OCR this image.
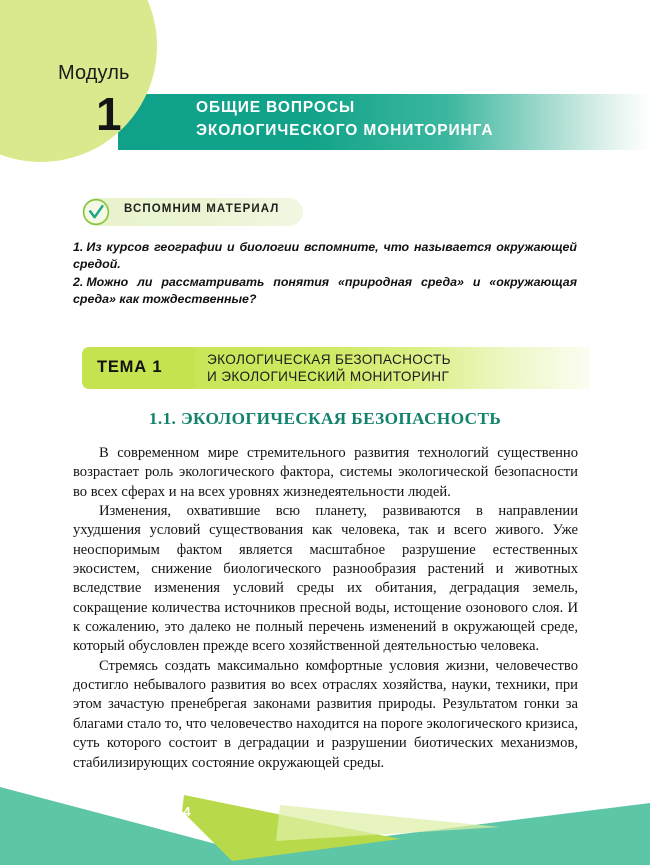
Модуль
1	ОБЩИЕ ВОПРОСЫ
ЭКОЛОГИЧЕСКОГО МОНИТОРИНГА
ВСПОМНИМ МАТЕРИАЛ

1. Из курсов географии и биологии вспомните, что называется окружающей средой.

2. Можно ли рассматривать понятия «природная среда» и «окружающая среда» как тождественные?

ТЕМА 1	ЭКОЛОГИЧЕСКАЯ БЕЗОПАСНОСТЬ
И ЭКОЛОГИЧЕСКИЙ МОНИТОРИНГ
1.1. ЭКОЛОГИЧЕСКАЯ БЕЗОПАСНОСТЬ

В современном мире стремительного развития технологий существенно возрастает роль экологического фактора, системы экологической безопасности во всех сферах и на всех уровнях жизнедеятельности людей.

Изменения, охватившие всю планету, развиваются в направлении ухудшения условий существования как человека, так и всего живого. Уже неоспоримым фактом является масштабное разрушение естественных экосистем, снижение биологического разнообразия растений и животных вследствие изменения условий среды их обитания, деградация земель, сокращение количества источников пресной воды, истощение озонового слоя. И к сожалению, это далеко не полный перечень изменений в окружающей среде, который обусловлен прежде всего хозяйственной деятельностью человека.

Стремясь создать максимально комфортные условия жизни, человечество достигло небывалого развития во всех отраслях хозяйства, науки, техники, при этом зачастую пренебрегая законами развития природы. Результатом гонки за благами стало то, что человечество находится на пороге экологического кризиса, суть которого состоит в деградации и разрушении биотических механизмов, стабилизирующих состояние окружающей среды.

4
